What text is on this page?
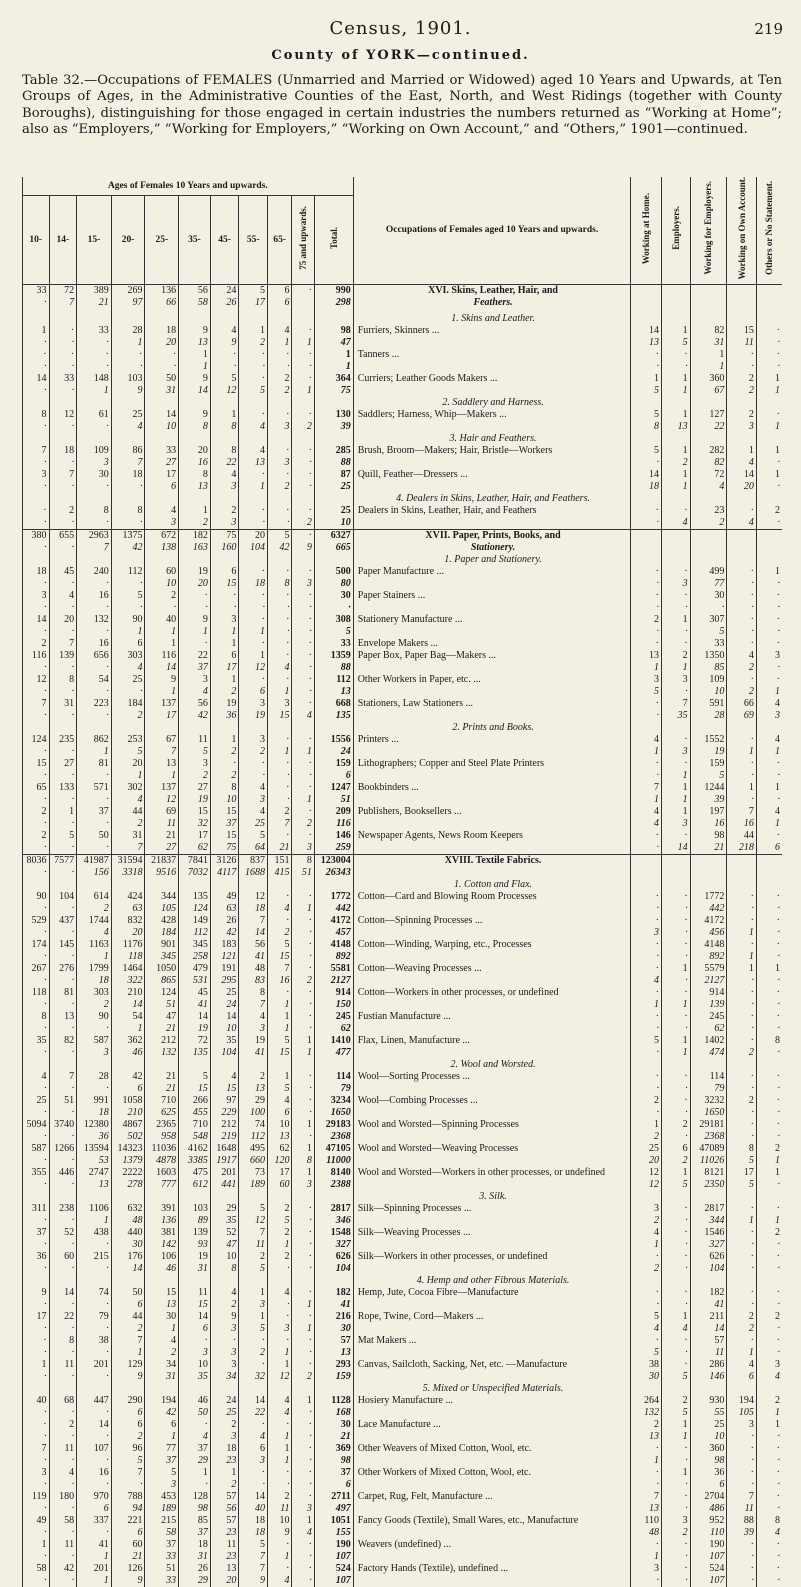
Census, 1901.	219
County of YORK—continued.
Table 32.—Occupations of FEMALES (Unmarried and Married or Widowed) aged 10 Years and Upwards, at Ten Groups of Ages, in the Administrative Counties of the East, North, and West Ridings (together with County Boroughs), distinguishing for those engaged in certain industries the numbers returned as “Working at Home”; also as “Employers,” “Working for Employers,” “Working on Own Account,” and “Others,” 1901—continued.
Ages of Females 10 Years and upwards.											Occupations of Females aged 10 Years and upwards.	Working at Home.	Employers.	Working for Employers.	Working on Own Account.	Others or No Statement.
10-	14-	15-	20-	25-	35-	45-	55-	65-	75 and upwards.	Total.						
33	72	389	269	136	56	24	5	6	·	990	XVI. Skins, Leather, Hair, and					
·	7	21	97	66	58	26	17	6		298	Feathers.					

											1. Skins and Leather.					
1	·	33	28	18	9	4	1	4	·	98	Furriers, Skinners ...	14	1	82	15	·
·	·	·	1	20	13	9	2	1	1	47		13	5	31	11	·
·	·	·	·	·	1	·	·	·	·	1	Tanners ...	·	·	1	·	·
·	·	·	·	·	1	·	·	·	·	1		·	·	1	·	·
14	33	148	103	50	9	5	·	2	·	364	Curriers; Leather Goods Makers ...	1	1	360	2	1
·	·	1	9	31	14	12	5	2	1	75		5	1	67	2	1
											2. Saddlery and Harness.					
8	12	61	25	14	9	1	·	·	·	130	Saddlers; Harness, Whip—Makers ...	5	1	127	2	·
·	·	·	4	10	8	8	4	3	2	39		8	13	22	3	1
											3. Hair and Feathers.					
7	18	109	86	33	20	8	4	·	·	285	Brush, Broom—Makers; Hair, Bristle—Workers	5	1	282	1	1
·	·	3	7	27	16	22	13	3	·	88		·	2	82	4	·
3	7	30	18	17	8	4	·	·	·	87	Quill, Feather—Dressers ...	14	1	72	14	1
·	·	·	·	6	13	3	1	2	·	25		18	1	4	20	·
											4. Dealers in Skins, Leather, Hair, and Feathers.					
·	2	8	8	4	1	2	·	·	·	25	Dealers in Skins, Leather, Hair, and Feathers	·	·	23	·	2
·	·	·	·	3	2	3	·	·	2	10		·	4	2	4	·
380	655	2963	1375	672	182	75	20	5	·	6327	XVII. Paper, Prints, Books, and					
·	·	7	42	138	163	160	104	42	9	665	Stationery.					
											1. Paper and Stationery.					
18	45	240	112	60	19	6	·	·	·	500	Paper Manufacture ...	·	·	499	·	1
·	·	·	·	10	20	15	18	8	3	80		·	3	77	·	·
3	4	16	5	2	·	·	·	·	·	30	Paper Stainers ...	·	·	30	·	·
·	·	·	·	·	·	·	·	·	·	·		·	·	·	·	·
14	20	132	90	40	9	3	·	·	·	308	Stationery Manufacture ...	2	1	307	·	·
·	·	·	1	1	1	1	1	·	·	5		·	·	5	·	·
2	7	16	6	1	·	1	·	·	·	33	Envelope Makers ...	·	·	33	·	·
116	139	656	303	116	22	6	1	·	·	1359	Paper Box, Paper Bag—Makers ...	13	2	1350	4	3
·	·	·	4	14	37	17	12	4	·	88		1	1	85	2	·
12	8	54	25	9	3	1	·	·	·	112	Other Workers in Paper, etc. ...	3	3	109	·	·
·	·	·	·	1	4	2	6	1	·	13		5	·	10	2	1
7	31	223	184	137	56	19	3	3	·	668	Stationers, Law Stationers ...	·	7	591	66	4
·	·	·	2	17	42	36	19	15	4	135		·	35	28	69	3
											2. Prints and Books.					
124	235	862	253	67	11	1	3	·	·	1556	Printers ...	4	·	1552	·	4
·	·	1	5	7	5	2	2	1	1	24		1	3	19	1	1
15	27	81	20	13	3	·	·	·	·	159	Lithographers; Copper and Steel Plate Printers	·	·	159	·	·
·	·	·	1	1	2	2	·	·	·	6		·	1	5	·	·
65	133	571	302	137	27	8	4	·	·	1247	Bookbinders ...	7	1	1244	1	1
·	·	·	4	12	19	10	3	·	1	51		1	1	39	·	·
2	1	37	44	69	15	15	4	2	·	209	Publishers, Booksellers ...	4	1	197	7	4
·	·	·	2	11	32	37	25	7	2	116		4	3	16	16	1
2	5	50	31	21	17	15	5	·	·	146	Newspaper Agents, News Room Keepers	·	·	98	44	·
·	·	·	7	27	62	75	64	21	3	259		·	14	21	218	6
8036	7577	41987	31594	21837	7841	3126	837	151	8	123004	XVIII. Textile Fabrics.					
·	·	156	3318	9516	7032	4117	1688	415	51	26343						
											1. Cotton and Flax.					
90	104	614	424	344	135	49	12	·	·	1772	Cotton—Card and Blowing Room Processes	·	·	1772	·	·
·	·	2	63	105	124	63	18	4	1	442		·	·	442	·	·
529	437	1744	832	428	149	26	7	·	·	4172	Cotton—Spinning Processes ...	·	·	4172	·	·
·	·	4	20	184	112	42	14	2	·	457		3	·	456	1	·
174	145	1163	1176	901	345	183	56	5	·	4148	Cotton—Winding, Warping, etc., Processes	·	·	4148	·	·
·	·	1	118	345	258	121	41	15	·	892		·	·	892	1	·
267	276	1799	1464	1050	479	191	48	7	·	5581	Cotton—Weaving Processes ...	·	1	5579	1	1
·	·	18	322	865	531	295	83	16	2	2127		4	·	2127	·	·
118	81	303	210	124	45	25	8	·	·	914	Cotton—Workers in other processes, or undefined	·	·	914	·	·
·	·	2	14	51	41	24	7	1	·	150		1	1	139	·	·
8	13	90	54	47	14	14	4	1	·	245	Fustian Manufacture ...	·	·	245	·	·
·	·	·	1	21	19	10	3	1	·	62		·	·	62	·	·
35	82	587	362	212	72	35	19	5	1	1410	Flax, Linen, Manufacture ...	5	1	1402	·	8
·	·	3	46	132	135	104	41	15	1	477		·	1	474	2	·
											2. Wool and Worsted.					
4	7	28	42	21	5	4	2	1	·	114	Wool—Sorting Processes ...	·	·	114	·	·
·	·	·	6	21	15	15	13	5	·	79		·	·	79	·	·
25	51	991	1058	710	266	97	29	4	·	3234	Wool—Combing Processes ...	2	·	3232	2	·
·	·	18	210	625	455	229	100	6	·	1650		·	·	1650	·	·
5094	3740	12380	4867	2365	710	212	74	10	1	29183	Wool and Worsted—Spinning Processes	1	2	29181	·	·
·	·	36	502	958	548	219	112	13	·	2368		2	·	2368	·	·
587	1266	13594	14323	11036	4162	1648	495	62	1	47105	Wool and Worsted—Weaving Processes	25	6	47089	8	2
·	·	53	1379	4878	3385	1917	660	120	8	11000		20	2	11026	5	1
355	446	2747	2222	1603	475	201	73	17	1	8140	Wool and Worsted—Workers in other processes, or undefined	12	1	8121	17	1
·	·	13	278	777	612	441	189	60	3	2388		12	5	2350	5	·
											3. Silk.					
311	238	1106	632	391	103	29	5	2	·	2817	Silk—Spinning Processes ...	3	·	2817	·	·
·	·	1	48	136	89	35	12	5	·	346		2	·	344	1	1
37	52	438	440	381	139	52	7	2	·	1548	Silk—Weaving Processes ...	4	·	1546	·	2
·	·	·	30	142	93	47	11	1	·	327		1	·	327	·	·
36	60	215	176	106	19	10	2	2	·	626	Silk—Workers in other processes, or undefined	·	·	626	·	·
·	·	·	14	46	31	8	5	·	·	104		2	·	104	·	·
											4. Hemp and other Fibrous Materials.					
9	14	74	50	15	11	4	1	4	·	182	Hemp, Jute, Cocoa Fibre—Manufacture	·	·	182	·	·
·	·	·	6	13	15	2	3	·	1	41		·	·	41	·	·
17	22	79	44	30	14	9	1	·	·	216	Rope, Twine, Cord—Makers ...	5	1	211	2	2
·	·	·	2	1	6	3	5	3	1	30		4	4	14	2	·
·	8	38	7	4	·	·	·	·	·	57	Mat Makers ...	·	·	57	·	·
·	·	·	1	2	3	3	2	1	·	13		5	·	11	1	·
1	11	201	129	34	10	3	·	1	·	293	Canvas, Sailcloth, Sacking, Net, etc. —Manufacture	38	·	286	4	3
·	·	·	9	31	35	34	32	12	2	159		30	5	146	6	4
											5. Mixed or Unspecified Materials.					
40	68	447	290	194	46	24	14	4	1	1128	Hosiery Manufacture ...	264	2	930	194	2
·	·	·	6	42	50	25	22	4	·	168		132	5	55	105	1
·	2	14	6	6	·	2	·	·	·	30	Lace Manufacture ...	2	1	25	3	1
·	·	·	2	1	4	3	4	1	·	21		13	1	10	·	·
7	11	107	96	77	37	18	6	1	·	369	Other Weavers of Mixed Cotton, Wool, etc.	·	·	360	·	·
·	·	·	5	37	29	23	3	1	·	98		1	·	98	·	·
3	4	16	7	5	1	1	·	·	·	37	Other Workers of Mixed Cotton, Wool, etc.	·	1	36	·	·
·	·	·	·	3	·	2	·	·	·	6		·	·	6	·	·
119	180	970	788	453	128	57	14	2	·	2711	Carpet, Rug, Felt, Manufacture ...	7	·	2704	7	·
·	·	6	94	189	98	56	40	11	3	497		13	·	486	11	·
49	58	337	221	215	85	57	18	10	1	1051	Fancy Goods (Textile), Small Wares, etc., Manufacture	110	3	952	88	8
·	·	·	6	58	37	23	18	9	4	155		48	2	110	39	4
1	11	41	60	37	18	11	5	·	·	190	Weavers (undefined) ...	·	·	190	·	·
·	·	1	21	33	31	23	7	1	·	107		1	·	107	·	·
58	42	201	126	51	26	13	7	·	·	524	Factory Hands (Textile), undefined ...	3	·	524	·	·
·	·	1	9	33	29	20	9	4	·	107		·	·	107	·	·
